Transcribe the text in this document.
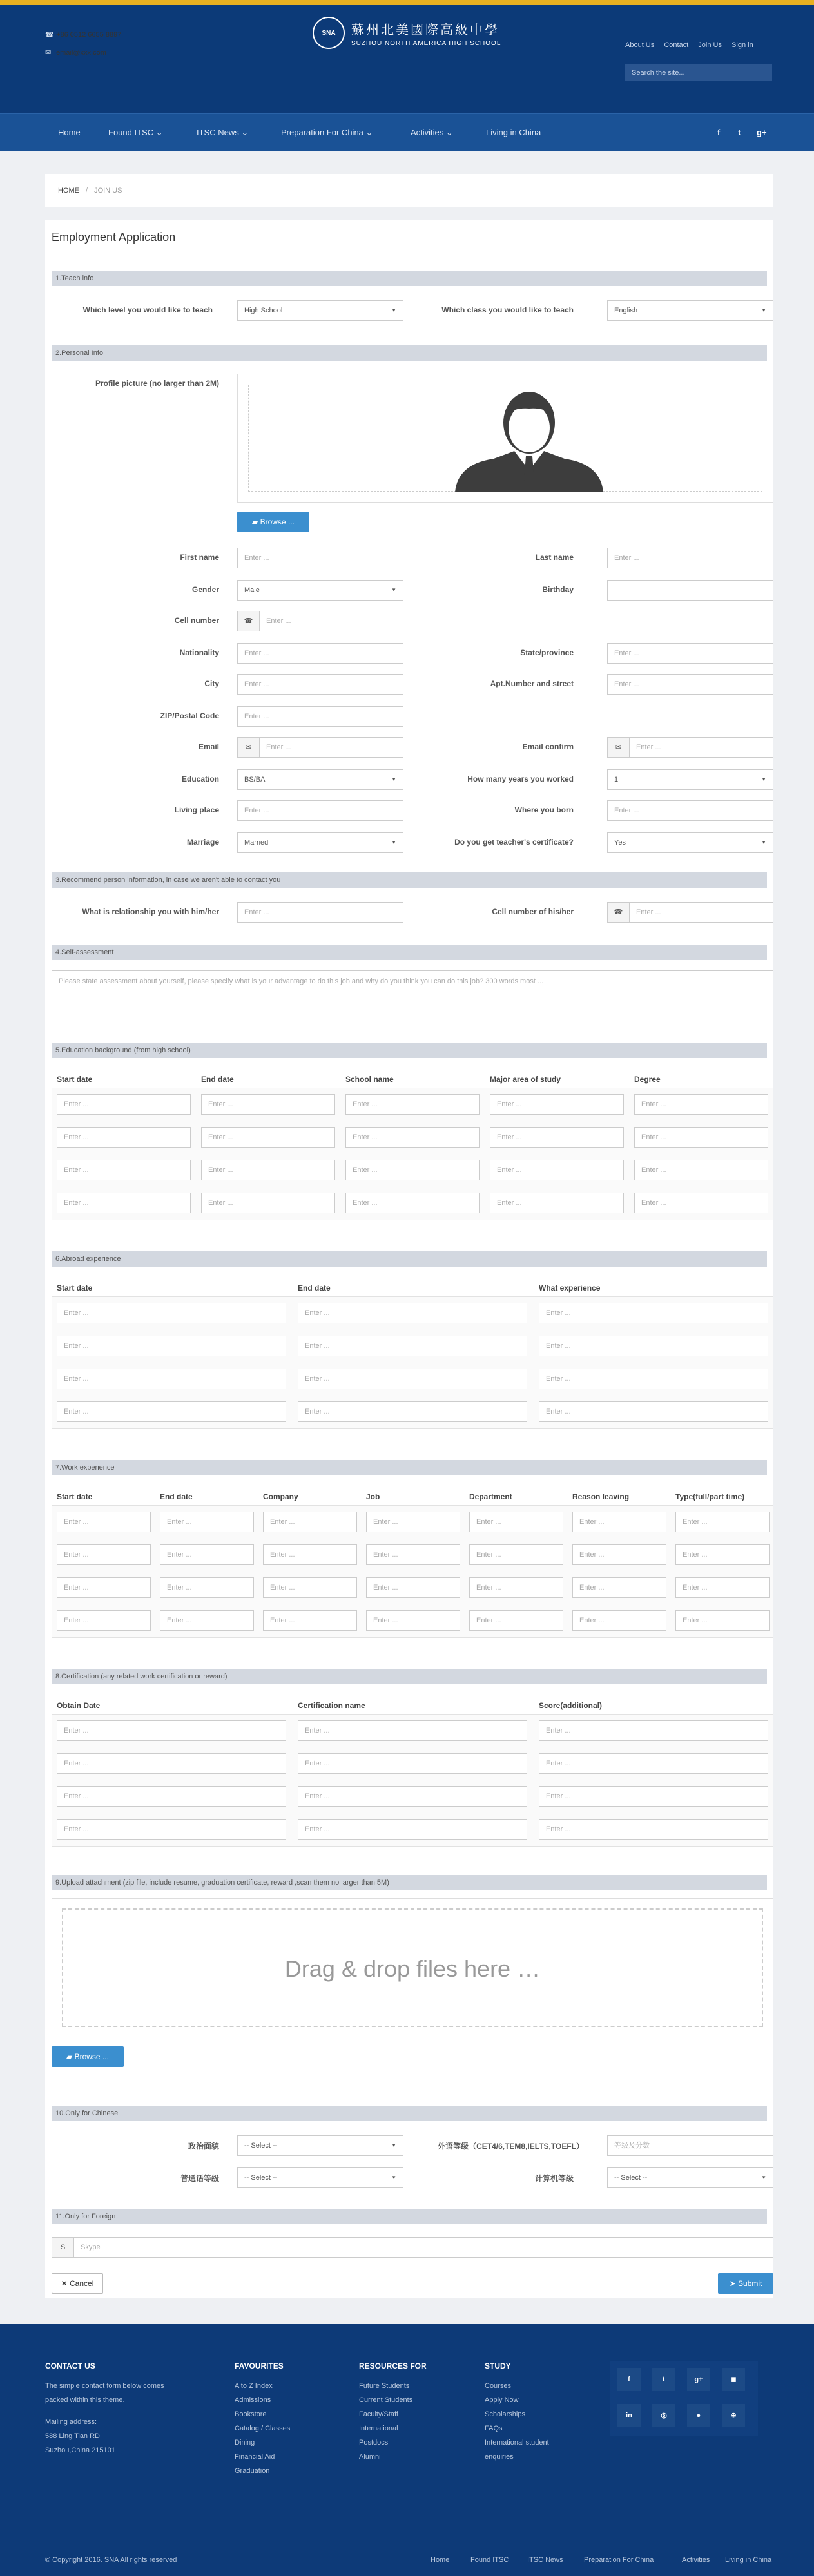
☎ +86 0512 6655 8897
✉ email@xxx.com
SNA	蘇州北美國際高級中學
SUZHOU NORTH AMERICA HIGH SCHOOL	About Us Contact Join Us Sign in
Search the site...
Home	Found ITSC ⌄	ITSC News ⌄	Preparation For China ⌄	Activities ⌄	Living in China	f t g+
HOME / JOIN US
Employment Application
1.Teach info
Which level you would like to teach	High School	▼	Which class you would like to teach	English	▼
2.Personal Info
Profile picture (no larger than 2M)
▰ Browse ...
First name	Enter ...	Last name	Enter ...
Gender	Male	▼	Birthday
Cell number	☎	Enter ...
Nationality	Enter ...	State/province	Enter ...
City	Enter ...	Apt.Number and street	Enter ...
ZIP/Postal Code	Enter ...
Email	✉	Enter ...	Email confirm	✉	Enter ...
Education	BS/BA	▼	How many years you worked	1	▼
Living place	Enter ...	Where you born	Enter ...
Marriage	Married	▼	Do you get teacher's certificate?	Yes	▼
3.Recommend person information, in case we aren't able to contact you
What is relationship you with him/her	Enter ...	Cell number of his/her	☎	Enter ...
4.Self-assessment
Please state assessment about yourself, please specify what is your advantage to do this job and why do you think you can do this job? 300 words most ...
5.Education background (from high school)
Start date	End date	School name	Major area of study	Degree
Enter ...	Enter ...	Enter ...	Enter ...	Enter ...
Enter ...	Enter ...	Enter ...	Enter ...	Enter ...
Enter ...	Enter ...	Enter ...	Enter ...	Enter ...
Enter ...	Enter ...	Enter ...	Enter ...	Enter ...
6.Abroad experience
Start date	End date	What experience
Enter ...	Enter ...	Enter ...
Enter ...	Enter ...	Enter ...
Enter ...	Enter ...	Enter ...
Enter ...	Enter ...	Enter ...
7.Work experience
Start date	End date	Company	Job	Department	Reason leaving	Type(full/part time)
Enter ...	Enter ...	Enter ...	Enter ...	Enter ...	Enter ...	Enter ...
Enter ...	Enter ...	Enter ...	Enter ...	Enter ...	Enter ...	Enter ...
Enter ...	Enter ...	Enter ...	Enter ...	Enter ...	Enter ...	Enter ...
Enter ...	Enter ...	Enter ...	Enter ...	Enter ...	Enter ...	Enter ...
8.Certification (any related work certification or reward)
Obtain Date	Certification name	Score(additional)
Enter ...	Enter ...	Enter ...
Enter ...	Enter ...	Enter ...
Enter ...	Enter ...	Enter ...
Enter ...	Enter ...	Enter ...
9.Upload attachment (zip file, include resume, graduation certificate, reward ,scan them no larger than 5M)
Drag & drop files here …
▰ Browse ...
10.Only for Chinese
政治面貌	-- Select --	▼	外语等级（CET4/6,TEM8,IELTS,TOEFL）	等级及分数
普通话等级	-- Select --	▼	计算机等级	-- Select --	▼
11.Only for Foreign
S	Skype
✕ Cancel	➤ Submit
CONTACT US
The simple contact form below comes
packed within this theme.
Mailing address:
588 Ling Tian RD
Suzhou,China 215101
FAVOURITES
A to Z Index
Admissions
Bookstore
Catalog / Classes
Dining
Financial Aid
Graduation
RESOURCES FOR
Future Students
Current Students
Faculty/Staff
International
Postdocs
Alumni
STUDY
Courses
Apply Now
Scholarships
FAQs
International student
enquiries
f	t	g+	◼
in	◎	●	⊕
© Copyright 2016. SNA All rights reserved	Home	Found ITSC	ITSC News	Preparation For China	Activities Living in China
